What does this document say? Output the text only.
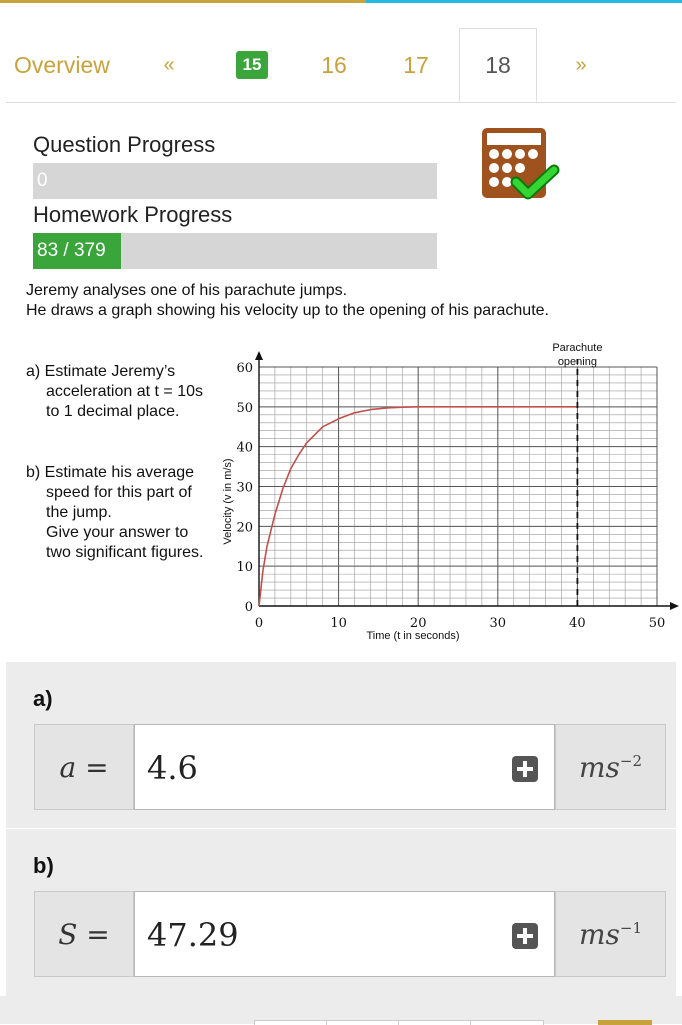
Overview	«	15	16	17	18	»
Question Progress
0
Homework Progress
83 / 379
Jeremy analyses one of his parachute jumps.
He draws a graph showing his velocity up to the opening of his parachute.
a) Estimate Jeremy’s
acceleration at t = 10s
to 1 decimal place.
b) Estimate his average
speed for this part of
the jump.
Give your answer to
two significant figures.
0	10	20	30	40	50
0
10
20
30
40
50
60
Time (t in seconds)
Velocity (v in m/s)
Parachute
opening
a)
a =	4.6	$ms^{-2}$
b)
S =	47.29	$ms^{-1}$
